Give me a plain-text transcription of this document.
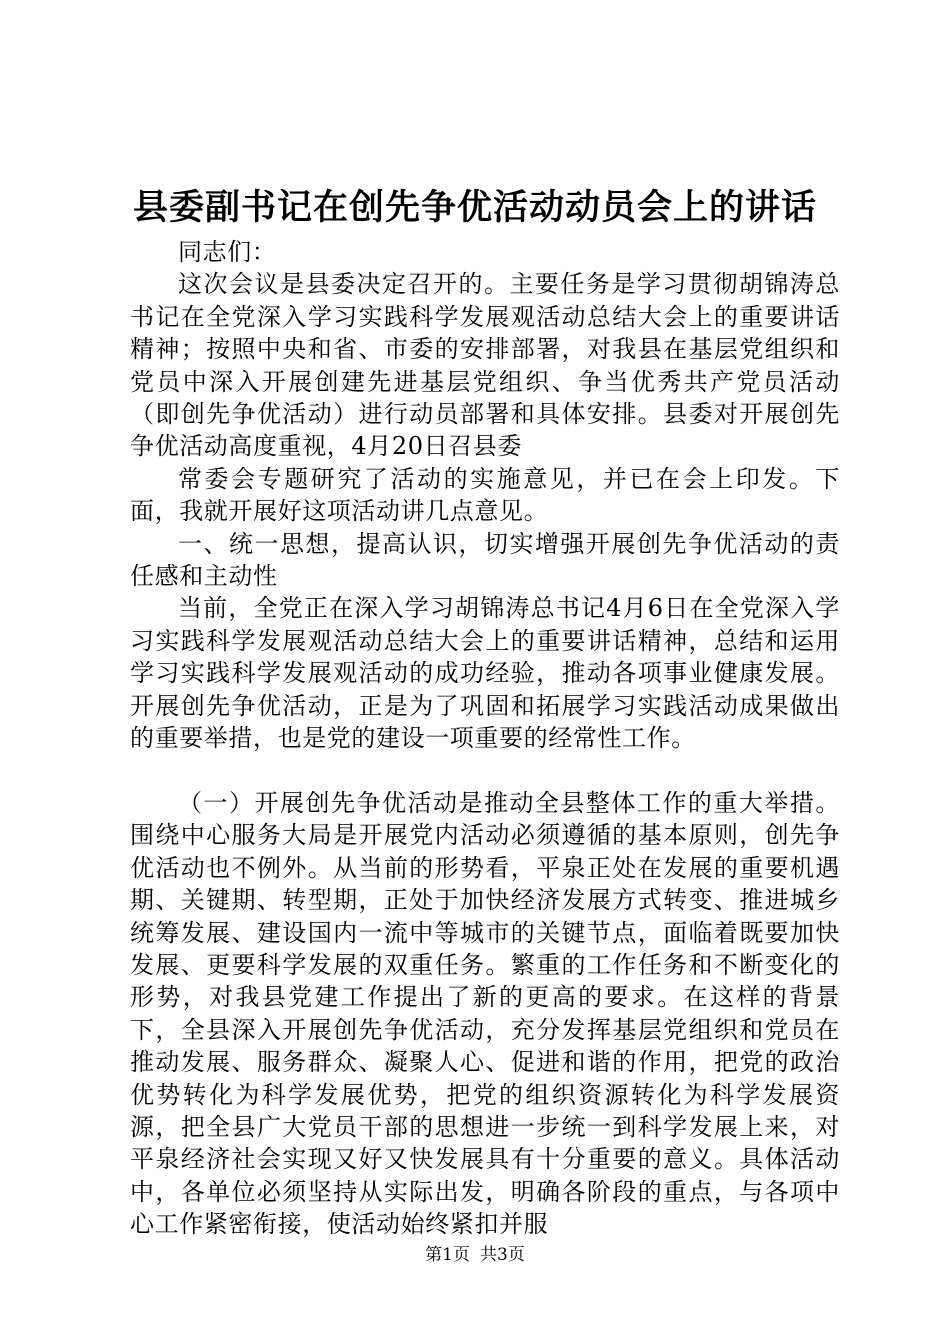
县委副书记在创先争优活动动员会上的讲话

同志们：

这次会议是县委决定召开的。主要任务是学习贯彻胡锦涛总书记在全党深入学习实践科学发展观活动总结大会上的重要讲话精神；按照中央和省、市委的安排部署，对我县在基层党组织和党员中深入开展创建先进基层党组织、争当优秀共产党员活动（即创先争优活动）进行动员部署和具体安排。县委对开展创先争优活动高度重视，4月20日召县委

常委会专题研究了活动的实施意见，并已在会上印发。下面，我就开展好这项活动讲几点意见。

一、统一思想，提高认识，切实增强开展创先争优活动的责任感和主动性

当前，全党正在深入学习胡锦涛总书记4月6日在全党深入学习实践科学发展观活动总结大会上的重要讲话精神，总结和运用学习实践科学发展观活动的成功经验，推动各项事业健康发展。开展创先争优活动，正是为了巩固和拓展学习实践活动成果做出的重要举措，也是党的建设一项重要的经常性工作。

（一）开展创先争优活动是推动全县整体工作的重大举措。围绕中心服务大局是开展党内活动必须遵循的基本原则，创先争优活动也不例外。从当前的形势看，平泉正处在发展的重要机遇期、关键期、转型期，正处于加快经济发展方式转变、推进城乡统筹发展、建设国内一流中等城市的关键节点，面临着既要加快发展、更要科学发展的双重任务。繁重的工作任务和不断变化的形势，对我县党建工作提出了新的更高的要求。在这样的背景下，全县深入开展创先争优活动，充分发挥基层党组织和党员在推动发展、服务群众、凝聚人心、促进和谐的作用，把党的政治优势转化为科学发展优势，把党的组织资源转化为科学发展资源，把全县广大党员干部的思想进一步统一到科学发展上来，对平泉经济社会实现又好又快发展具有十分重要的意义。具体活动中，各单位必须坚持从实际出发，明确各阶段的重点，与各项中心工作紧密衔接，使活动始终紧扣并服

第1页 共3页
